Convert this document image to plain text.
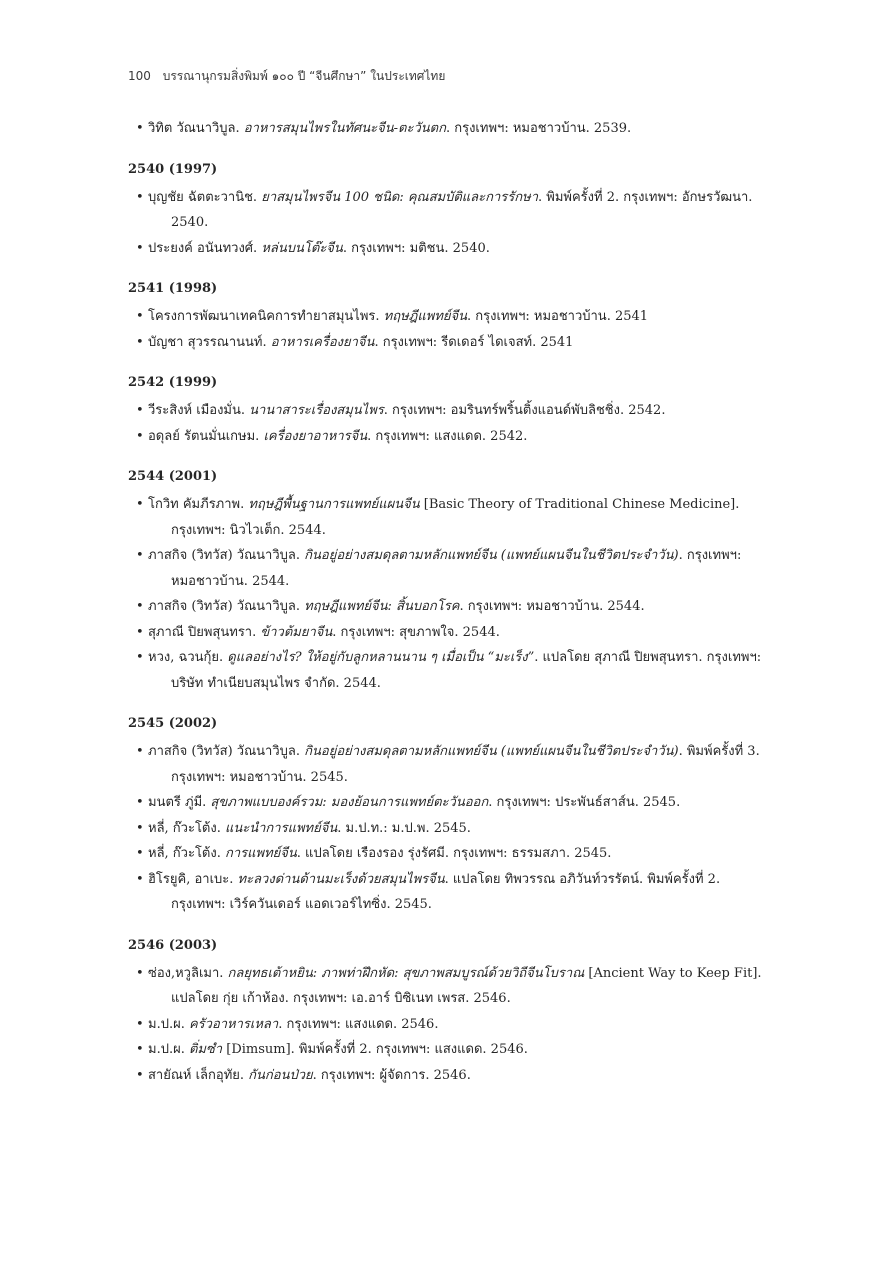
100 บรรณานุกรมสิ่งพิมพ์ ๑๐๐ ปี “จีนศึกษา” ในประเทศไทย
• วิทิต วัณนาวิบูล. อาหารสมุนไพรในทัศนะจีน-ตะวันตก. กรุงเทพฯ: หมอชาวบ้าน. 2539.
2540 (1997)
• บุญชัย ฉัตตะวานิช. ยาสมุนไพรจีน 100 ชนิด: คุณสมบัติและการรักษา. พิมพ์ครั้งที่ 2. กรุงเทพฯ: อักษรวัฒนา. 2540.
• ประยงค์ อนันทวงศ์. หล่นบนโต๊ะจีน. กรุงเทพฯ: มติชน. 2540.
2541 (1998)
• โครงการพัฒนาเทคนิคการทำยาสมุนไพร. ทฤษฎีแพทย์จีน. กรุงเทพฯ: หมอชาวบ้าน. 2541
• บัญชา สุวรรณานนท์. อาหารเครื่องยาจีน. กรุงเทพฯ: รีดเดอร์ ไดเจสท์. 2541
2542 (1999)
• วีระสิงห์ เมืองมั่น. นานาสาระเรื่องสมุนไพร. กรุงเทพฯ: อมรินทร์พริ้นติ้งแอนด์พับลิชชิ่ง. 2542.
• อดุลย์ รัตนมั่นเกษม. เครื่องยาอาหารจีน. กรุงเทพฯ: แสงแดด. 2542.
2544 (2001)
• โกวิท คัมภีรภาพ. ทฤษฎีพื้นฐานการแพทย์แผนจีน [Basic Theory of Traditional Chinese Medicine]. กรุงเทพฯ: นิวไวเต็ก. 2544.
• ภาสกิจ (วิทวัส) วัณนาวิบูล. กินอยู่อย่างสมดุลตามหลักแพทย์จีน (แพทย์แผนจีนในชีวิตประจำวัน). กรุงเทพฯ: หมอชาวบ้าน. 2544.
• ภาสกิจ (วิทวัส) วัณนาวิบูล. ทฤษฎีแพทย์จีน: สิ้นบอกโรค. กรุงเทพฯ: หมอชาวบ้าน. 2544.
• สุภาณี ปิยพสุนทรา. ข้าวต้มยาจีน. กรุงเทพฯ: สุขภาพใจ. 2544.
• หวง, ฉวนกุ้ย. ดูแลอย่างไร? ให้อยู่กับลูกหลานนาน ๆ เมื่อเป็น “มะเร็ง”. แปลโดย สุภาณี ปิยพสุนทรา. กรุงเทพฯ: บริษัท ทำเนียบสมุนไพร จำกัด. 2544.
2545 (2002)
• ภาสกิจ (วิทวัส) วัณนาวิบูล. กินอยู่อย่างสมดุลตามหลักแพทย์จีน (แพทย์แผนจีนในชีวิตประจำวัน). พิมพ์ครั้งที่ 3. กรุงเทพฯ: หมอชาวบ้าน. 2545.
• มนตรี ภู่มี. สุขภาพแบบองค์รวม: มองย้อนการแพทย์ตะวันออก. กรุงเทพฯ: ประพันธ์สาส์น. 2545.
• หลี่, ก๊วะโต้ง. แนะนำการแพทย์จีน. ม.ป.ท.: ม.ป.พ. 2545.
• หลี่, ก๊วะโต้ง. การแพทย์จีน. แปลโดย เรืองรอง รุ่งรัศมี. กรุงเทพฯ: ธรรมสภา. 2545.
• ฮิโรยูคิ, อาเบะ. ทะลวงด่านด้านมะเร็งด้วยสมุนไพรจีน. แปลโดย ทิพวรรณ อภิวันท์วรรัตน์. พิมพ์ครั้งที่ 2. กรุงเทพฯ: เวิร์ควันเดอร์ แอดเวอร์ไทซิ่ง. 2545.
2546 (2003)
• ซ่อง,หวูลิเมา. กลยุทธเต้าหยิน: ภาพท่าฝึกหัด: สุขภาพสมบูรณ์ด้วยวิถีจีนโบราณ [Ancient Way to Keep Fit]. แปลโดย กุ่ย เก้าห้อง. กรุงเทพฯ: เอ.อาร์ บิซิเนท เพรส. 2546.
• ม.ป.ผ. ครัวอาหารเหลา. กรุงเทพฯ: แสงแดด. 2546.
• ม.ป.ผ. ติ่มซำ [Dimsum]. พิมพ์ครั้งที่ 2. กรุงเทพฯ: แสงแดด. 2546.
• สายัณห์ เล็กอุทัย. กันก่อนป่วย. กรุงเทพฯ: ผู้จัดการ. 2546.
